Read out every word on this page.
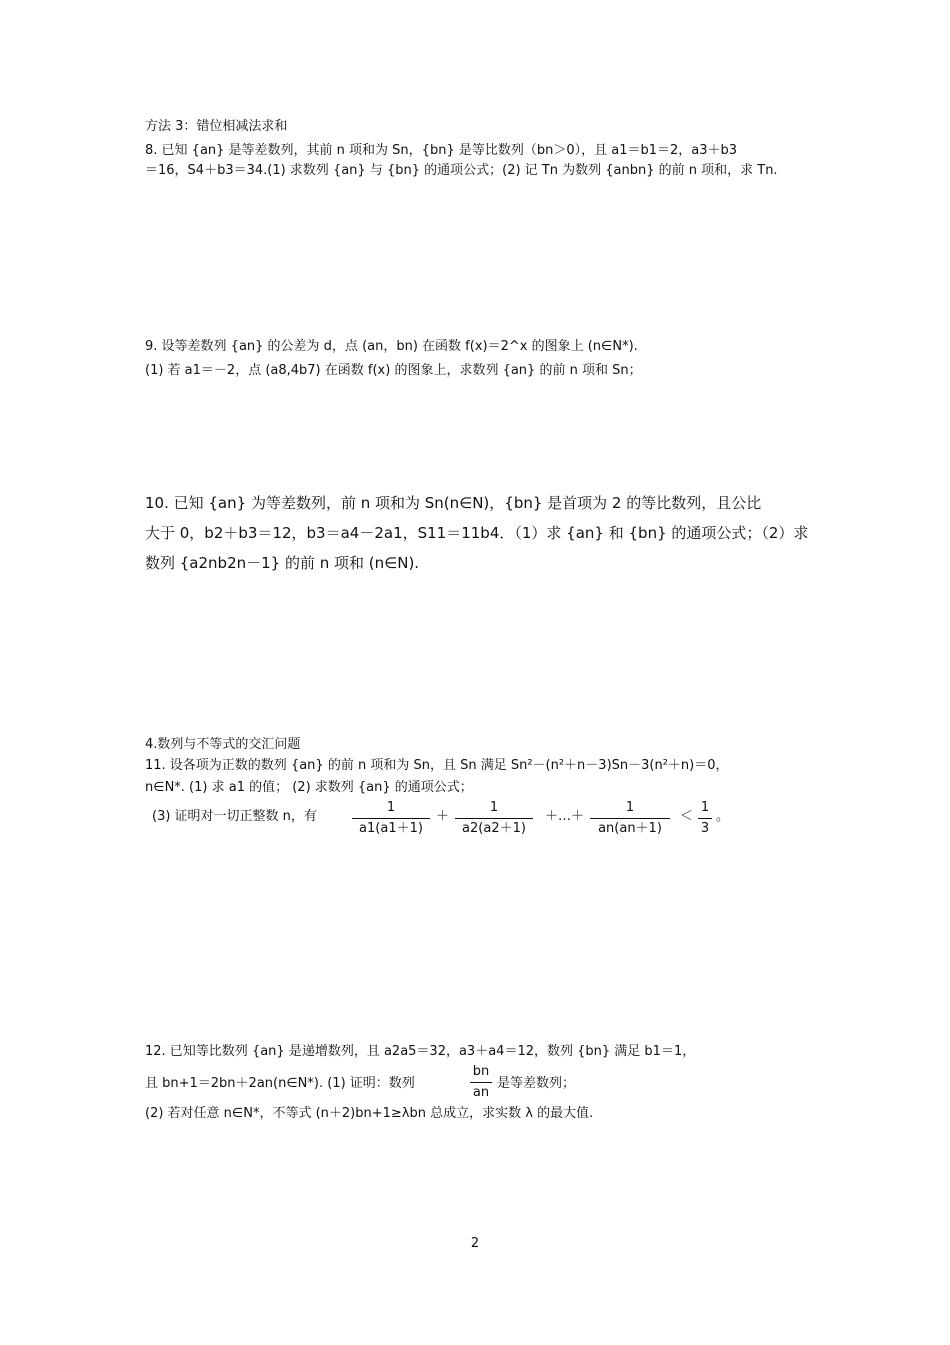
方法 3：错位相减法求和
8. 已知 {an} 是等差数列，其前 n 项和为 Sn，{bn} 是等比数列（bn＞0），且 a1＝b1＝2，a3＋b3
＝16，S4＋b3＝34.(1) 求数列 {an} 与 {bn} 的通项公式；(2) 记 Tn 为数列 {anbn} 的前 n 项和，求 Tn.
9. 设等差数列 {an} 的公差为 d，点 (an，bn) 在函数 f(x)＝2^x 的图象上 (n∈N*).
(1) 若 a1＝－2，点 (a8,4b7) 在函数 f(x) 的图象上，求数列 {an} 的前 n 项和 Sn；
10. 已知 {an} 为等差数列，前 n 项和为 Sn(n∈N)，{bn} 是首项为 2 的等比数列，且公比
大于 0，b2＋b3＝12，b3＝a4－2a1，S11＝11b4．（1）求 {an} 和 {bn} 的通项公式；（2）求
数列 {a2nb2n－1} 的前 n 项和 (n∈N).
4.数列与不等式的交汇问题
11. 设各项为正数的数列 {an} 的前 n 项和为 Sn，且 Sn 满足 Sn²－(n²＋n－3)Sn－3(n²＋n)＝0，
n∈N*. (1) 求 a1 的值； (2) 求数列 {an} 的通项公式；
(3) 证明对一切正整数 n，有
1
a1(a1＋1)
＋
1
a2(a2＋1)
＋…＋
1
an(an＋1)
＜
1
3
。
12. 已知等比数列 {an} 是递增数列，且 a2a5＝32，a3＋a4＝12，数列 {bn} 满足 b1＝1，
且 bn+1＝2bn＋2an(n∈N*). (1) 证明：数列
bn
an
是等差数列；
(2) 若对任意 n∈N*，不等式 (n＋2)bn+1≥λbn 总成立，求实数 λ 的最大值.
2
